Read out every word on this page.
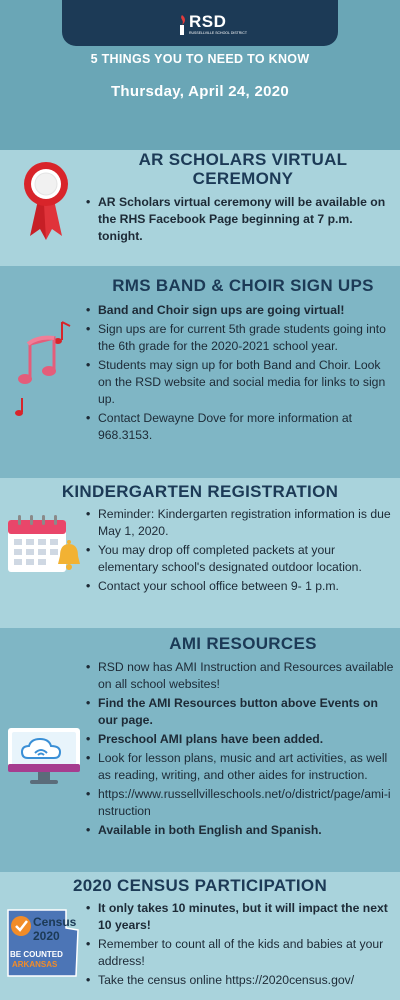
RSD
RUSSELLVILLE SCHOOL DISTRICT
5 THINGS YOU TO NEED TO KNOW
Thursday, April 24, 2020
AR SCHOLARS VIRTUAL CEREMONY
• AR Scholars virtual ceremony will be available on the RHS Facebook Page beginning at 7 p.m. tonight.
RMS BAND & CHOIR SIGN UPS
• Band and Choir sign ups are going virtual!
• Sign ups are for current 5th grade students going into the 6th grade for the 2020-2021 school year.
• Students may sign up for both Band and Choir. Look on the RSD website and social media for links to sign up.
• Contact Dewayne Dove for more information at 968.3153.
KINDERGARTEN REGISTRATION
• Reminder: Kindergarten registration information is due May 1, 2020.
• You may drop off completed packets at your elementary school's designated outdoor location.
• Contact your school office between 9- 1 p.m.
AMI RESOURCES
• RSD now has AMI Instruction and Resources available on all school websites!
• Find the AMI Resources button above Events on our page.
• Preschool AMI plans have been added.
• Look for lesson plans, music and art activities, as well as reading, writing, and other aides for instruction.
• https://www.russellvilleschools.net/o/district/page/ami-instruction
• Available in both English and Spanish.
2020 CENSUS PARTICIPATION
Census
2020
BE COUNTED
ARKANSAS
• It only takes 10 minutes, but it will impact the next 10 years!
• Remember to count all of the kids and babies at your address!
• Take the census online https://2020census.gov/
